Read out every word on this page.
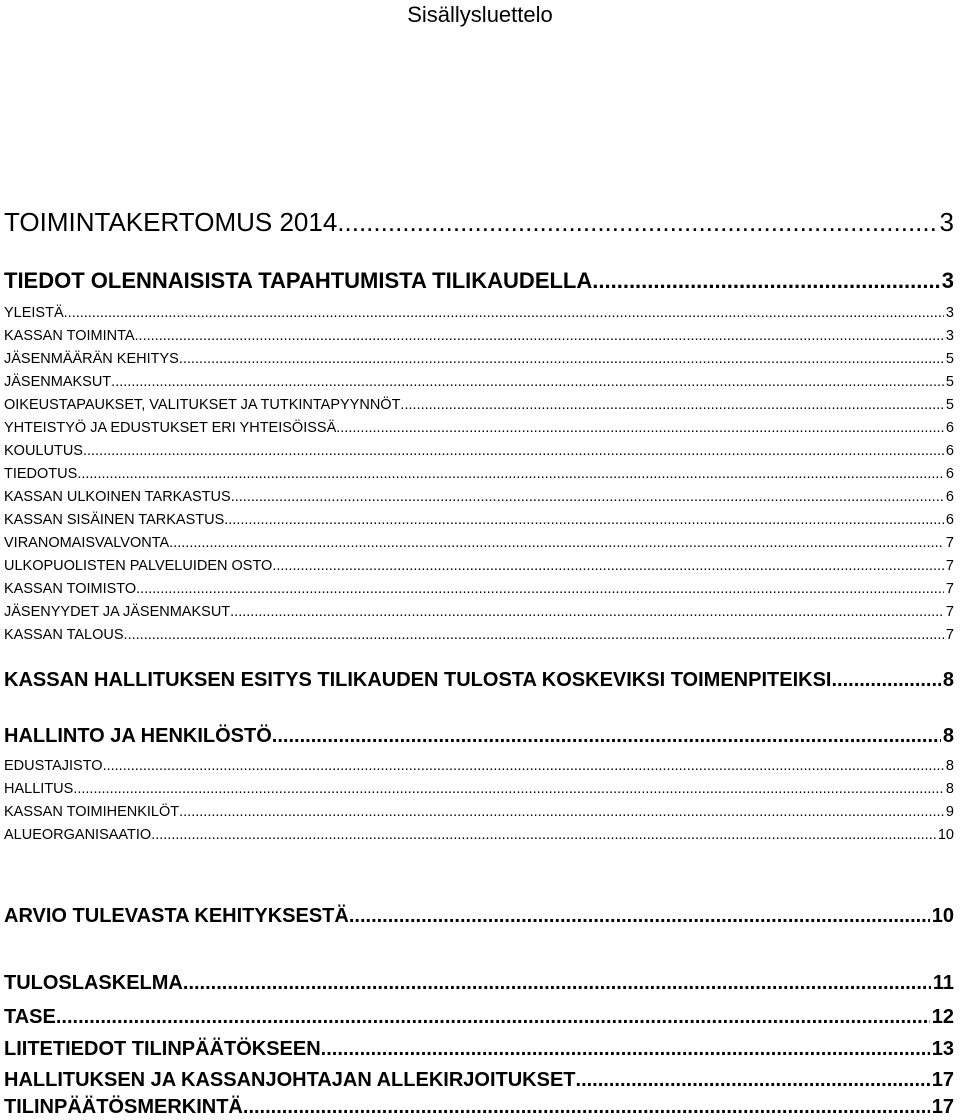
Sisällysluettelo
TOIMINTAKERTOMUS 2014 .....	3
TIEDOT OLENNAISISTA TAPAHTUMISTA TILIKAUDELLA .....	3
YLEISTÄ .....	3
KASSAN TOIMINTA .....	3
JÄSENMÄÄRÄN KEHITYS .....	5
JÄSENMAKSUT .....	5
OIKEUSTAPAUKSET, VALITUKSET JA TUTKINTAPYYNNÖT .....	5
YHTEISTYÖ JA EDUSTUKSET ERI YHTEISÖISSÄ .....	6
KOULUTUS .....	6
TIEDOTUS .....	6
KASSAN ULKOINEN TARKASTUS .....	6
KASSAN SISÄINEN TARKASTUS .....	6
VIRANOMAISVALVONTA .....	7
ULKOPUOLISTEN PALVELUIDEN OSTO .....	7
KASSAN TOIMISTO .....	7
JÄSENYYDET JA JÄSENMAKSUT .....	7
KASSAN TALOUS .....	7
KASSAN HALLITUKSEN ESITYS TILIKAUDEN TULOSTA KOSKEVIKSI TOIMENPITEIKSI .....	8
HALLINTO JA HENKILÖSTÖ .....	8
EDUSTAJISTO .....	8
HALLITUS .....	8
KASSAN TOIMIHENKILÖT .....	9
ALUEORGANISAATIO .....	10
ARVIO TULEVASTA KEHITYKSESTÄ .....	10
TULOSLASKELMA .....	11
TASE .....	12
LIITETIEDOT TILINPÄÄTÖKSEEN .....	13
HALLITUKSEN JA KASSANJOHTAJAN ALLEKIRJOITUKSET .....	17
TILINPÄÄTÖSMERKINTÄ .....	17
